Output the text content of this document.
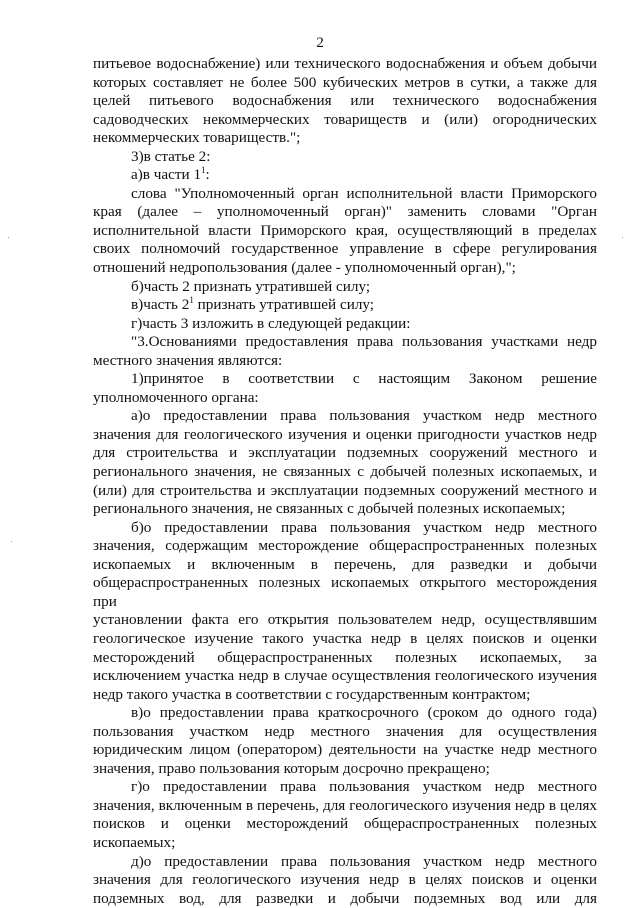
2

питьевое водоснабжение) или технического водоснабжения и объем добычи

которых составляет не более 500 кубических метров в сутки, а также для

целей питьевого водоснабжения или технического водоснабжения

садоводческих некоммерческих товариществ и (или) огороднических

некоммерческих товариществ.";

3)в статье 2:

а)в части $1^1$:

слова "Уполномоченный орган исполнительной власти Приморского

края (далее – уполномоченный орган)" заменить словами "Орган

исполнительной власти Приморского края, осуществляющий в пределах

своих полномочий государственное управление в сфере регулирования

отношений недропользования (далее - уполномоченный орган),";

б)часть 2 признать утратившей силу;

в)часть $2^1$ признать утратившей силу;

г)часть 3 изложить в следующей редакции:

"3.Основаниями предоставления права пользования участками недр

местного значения являются:

1)принятое в соответствии с настоящим Законом решение

уполномоченного органа:

а)о предоставлении права пользования участком недр местного

значения для геологического изучения и оценки пригодности участков недр

для строительства и эксплуатации подземных сооружений местного и

регионального значения, не связанных с добычей полезных ископаемых, и

(или) для строительства и эксплуатации подземных сооружений местного и

регионального значения, не связанных с добычей полезных ископаемых;

б)о предоставлении права пользования участком недр местного

значения, содержащим месторождение общераспространенных полезных

ископаемых и включенным в перечень, для разведки и добычи

общераспространенных полезных ископаемых открытого месторождения при

установлении факта его открытия пользователем недр, осуществлявшим

геологическое изучение такого участка недр в целях поисков и оценки

месторождений общераспространенных полезных ископаемых, за

исключением участка недр в случае осуществления геологического изучения

недр такого участка в соответствии с государственным контрактом;

в)о предоставлении права краткосрочного (сроком до одного года)

пользования участком недр местного значения для осуществления

юридическим лицом (оператором) деятельности на участке недр местного

значения, право пользования которым досрочно прекращено;

г)о предоставлении права пользования участком недр местного

значения, включенным в перечень, для геологического изучения недр в целях

поисков и оценки месторождений общераспространенных полезных

ископаемых;

д)о предоставлении права пользования участком недр местного

значения для геологического изучения недр в целях поисков и оценки

подземных вод, для разведки и добычи подземных вод или для
